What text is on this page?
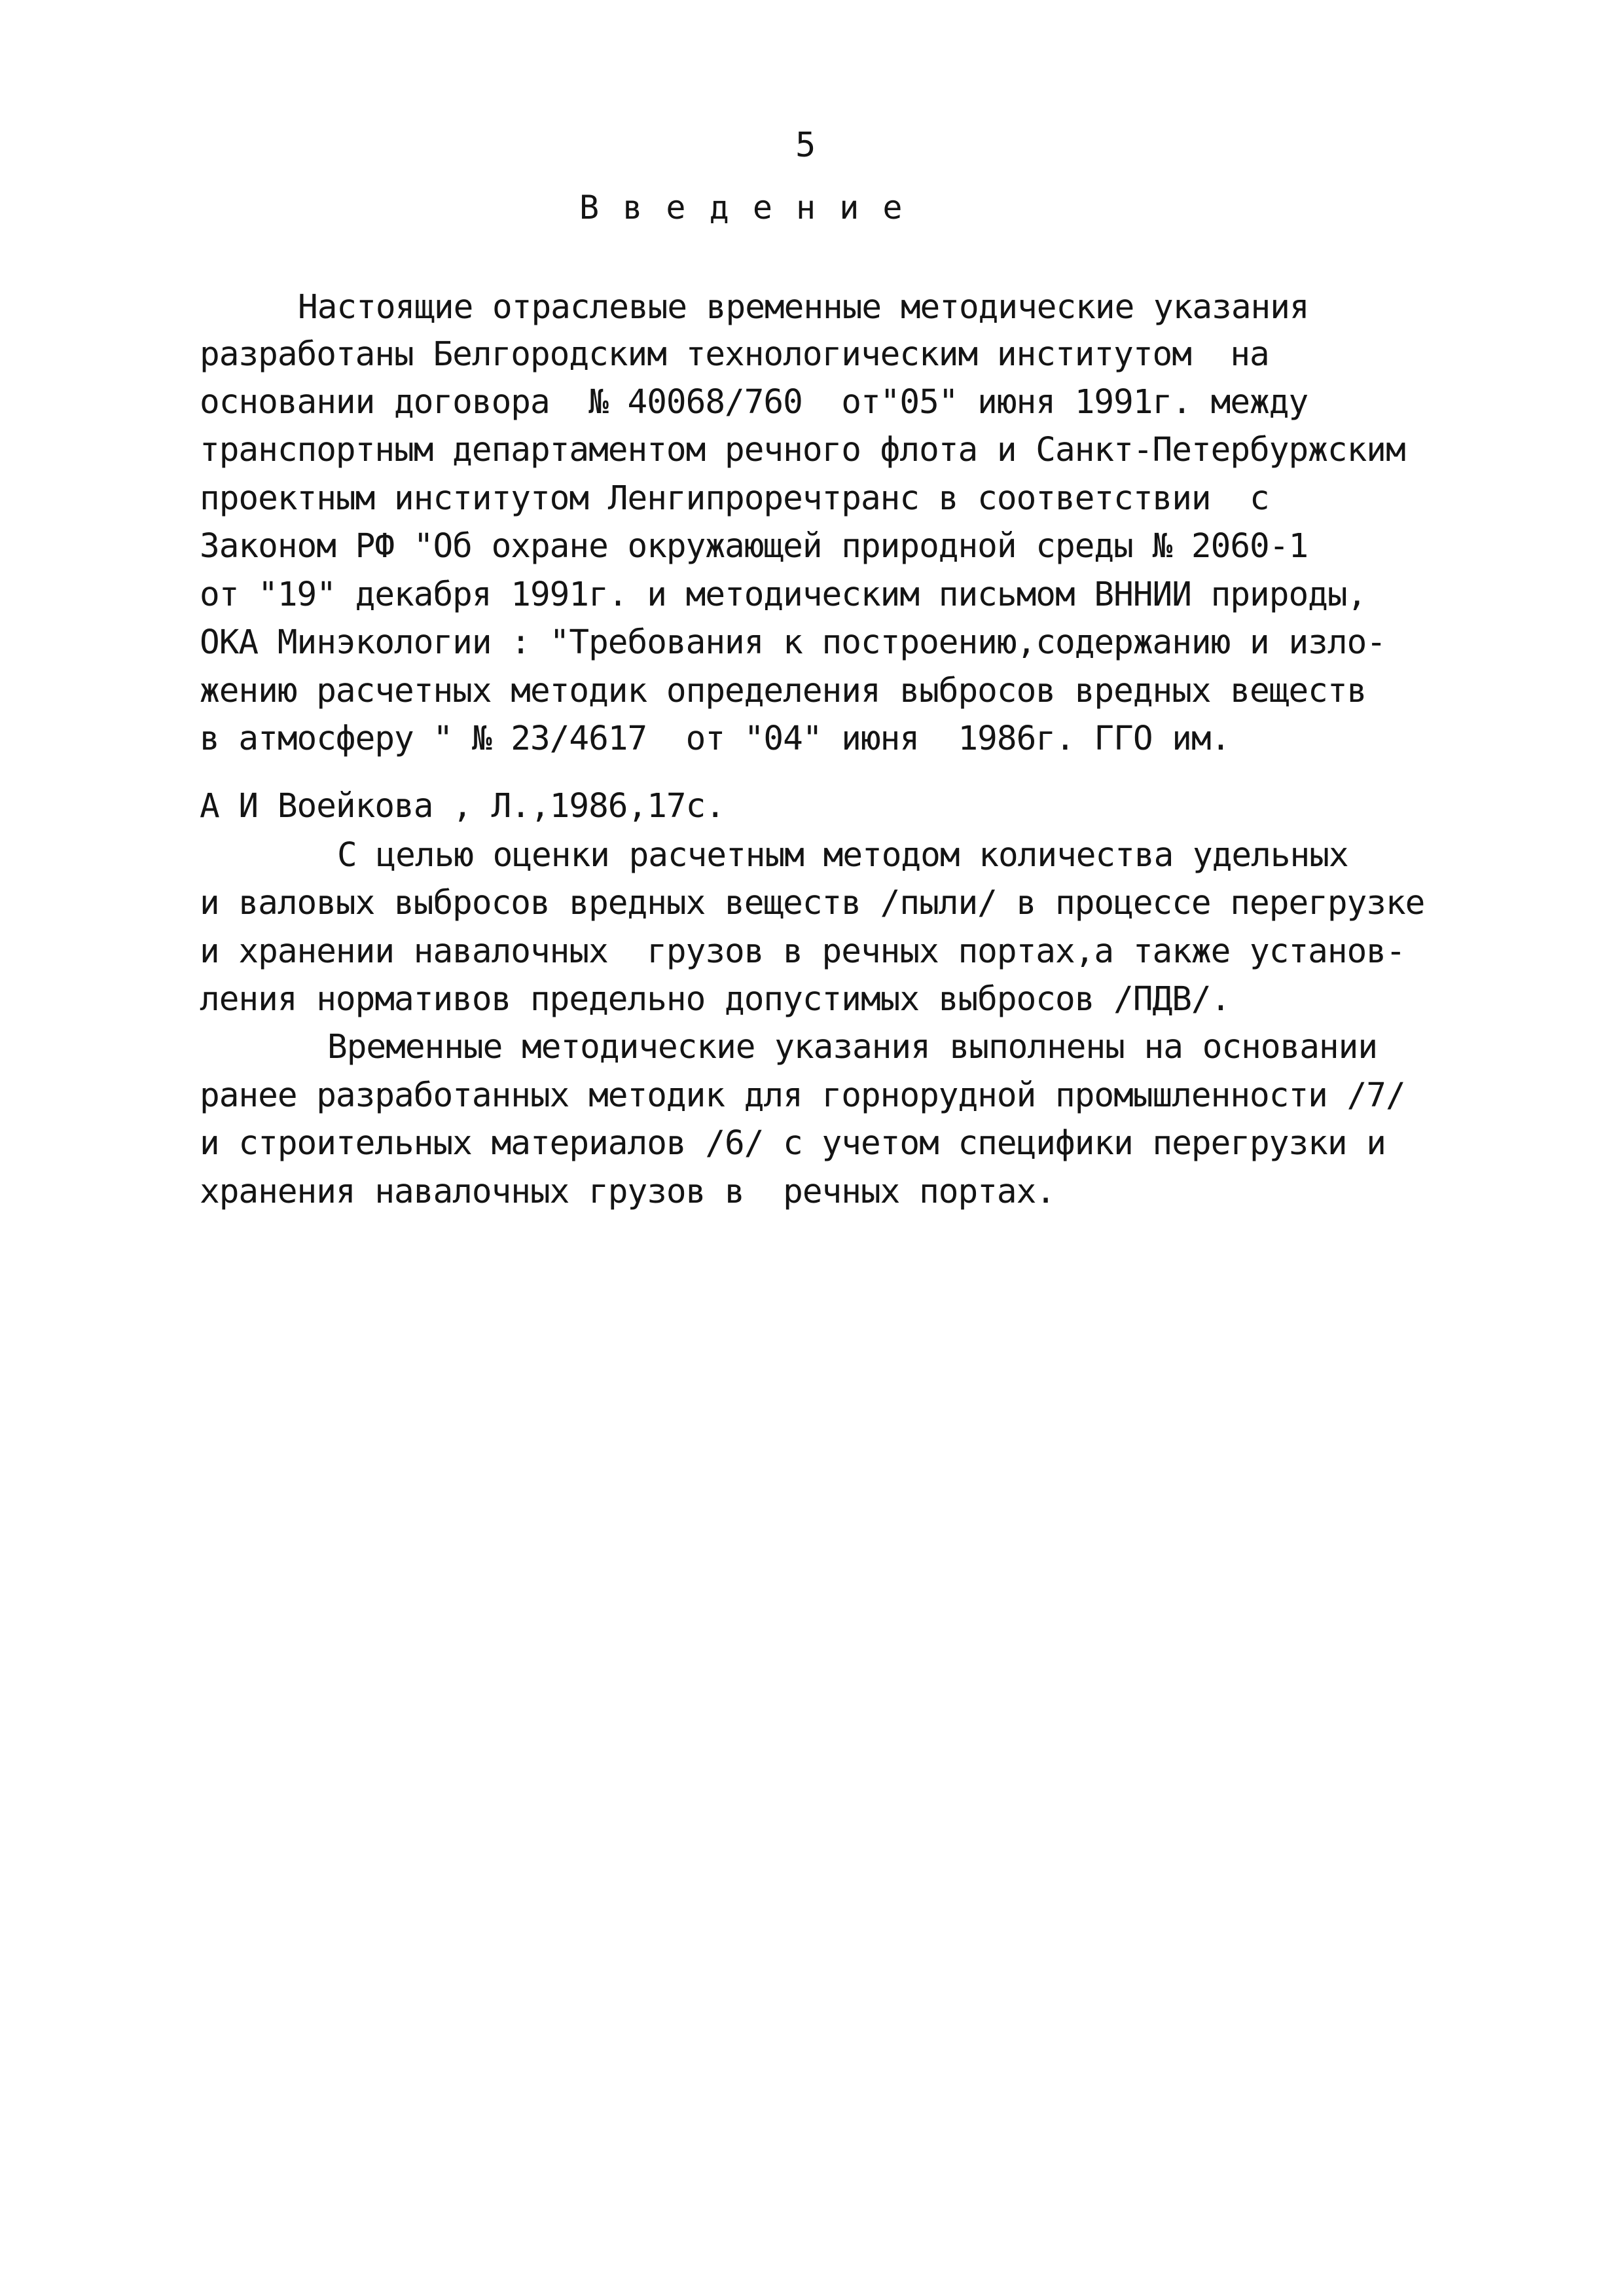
5
В в е д е н и е
Настоящие отраслевые временные методические указания
разработаны Белгородским технологическим институтом  на
основании договора  № 40068/760  от"05" июня 1991г. между
транспортным департаментом речного флота и Санкт-Петербуржским
проектным институтом Ленгипроречтранс в соответствии  с
Законом РФ "Об охране окружающей природной среды № 2060-1
от "19" декабря 1991г. и методическим письмом ВННИИ природы,
ОКА Минэкологии : "Требования к построению,содержанию и изло-
жению расчетных методик определения выбросов вредных веществ
в атмосферу " № 23/4617  от "04" июня  1986г. ГГО им.
А И Воейкова , Л.,1986,17с.
С целью оценки расчетным методом количества удельных
и валовых выбросов вредных веществ /пыли/ в процессе перегрузке
и хранении навалочных  грузов в речных портах,а также установ-
ления нормативов предельно допустимых выбросов /ПДВ/.
Временные методические указания выполнены на основании
ранее разработанных методик для горнорудной промышленности /7/
и строительных материалов /6/ с учетом специфики перегрузки и
хранения навалочных грузов в  речных портах.
